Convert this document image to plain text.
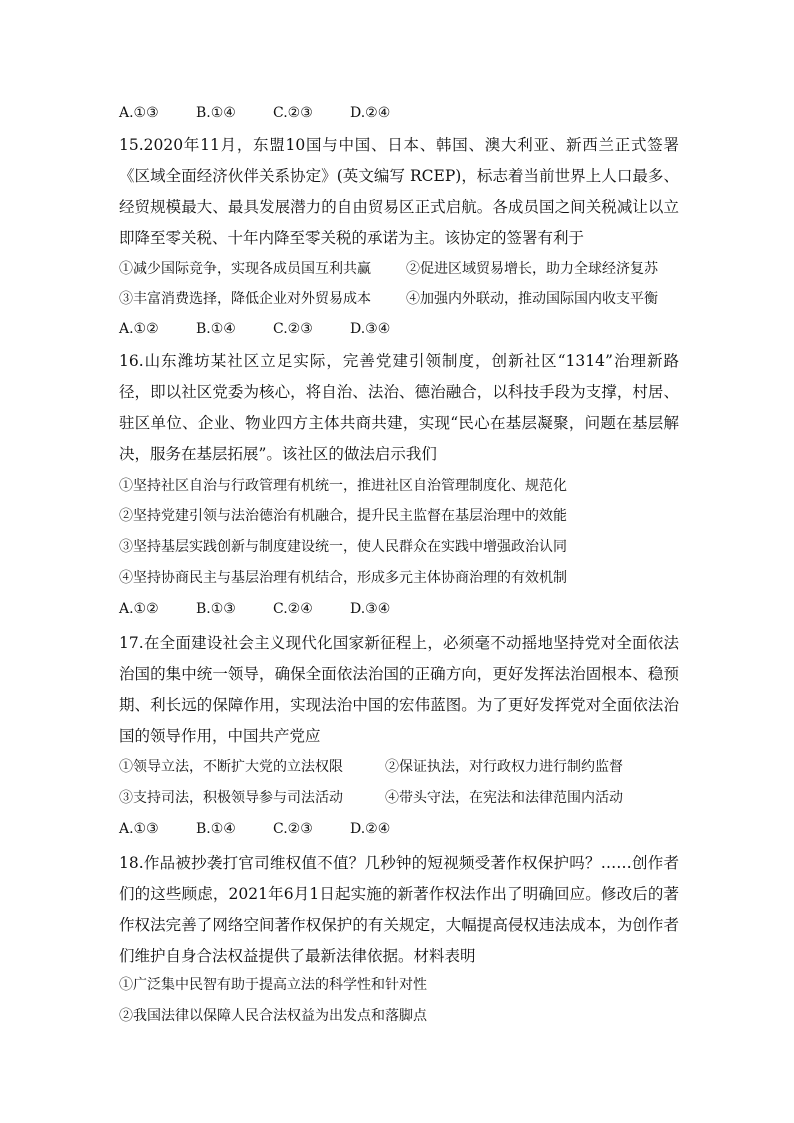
A.①③	B.①④	C.②③	D.②④
15.2020年11月，东盟10国与中国、日本、韩国、澳大利亚、新西兰正式签署《区域全面经济伙伴关系协定》(英文编写 RCEP)，标志着当前世界上人口最多、经贸规模最大、最具发展潜力的自由贸易区正式启航。各成员国之间关税减让以立即降至零关税、十年内降至零关税的承诺为主。该协定的签署有利于
①减少国际竞争，实现各成员国互利共赢	②促进区域贸易增长，助力全球经济复苏
③丰富消费选择，降低企业对外贸易成本	④加强内外联动，推动国际国内收支平衡
A.①②	B.①④	C.②③	D.③④
16.山东潍坊某社区立足实际，完善党建引领制度，创新社区“1314”治理新路径，即以社区党委为核心，将自治、法治、德治融合，以科技手段为支撑，村居、驻区单位、企业、物业四方主体共商共建，实现“民心在基层凝聚，问题在基层解决，服务在基层拓展”。该社区的做法启示我们
①坚持社区自治与行政管理有机统一，推进社区自治管理制度化、规范化
②坚持党建引领与法治德治有机融合，提升民主监督在基层治理中的效能
③坚持基层实践创新与制度建设统一，使人民群众在实践中增强政治认同
④坚持协商民主与基层治理有机结合，形成多元主体协商治理的有效机制
A.①②	B.①③	C.②④	D.③④
17.在全面建设社会主义现代化国家新征程上，必须毫不动摇地坚持党对全面依法治国的集中统一领导，确保全面依法治国的正确方向，更好发挥法治固根本、稳预期、利长远的保障作用，实现法治中国的宏伟蓝图。为了更好发挥党对全面依法治国的领导作用，中国共产党应
①领导立法，不断扩大党的立法权限	②保证执法，对行政权力进行制约监督
③支持司法，积极领导参与司法活动	④带头守法，在宪法和法律范围内活动
A.①③	B.①④	C.②③	D.②④
18.作品被抄袭打官司维权值不值？几秒钟的短视频受著作权保护吗？……创作者们的这些顾虑，2021年6月1日起实施的新著作权法作出了明确回应。修改后的著作权法完善了网络空间著作权保护的有关规定，大幅提高侵权违法成本，为创作者们维护自身合法权益提供了最新法律依据。材料表明
①广泛集中民智有助于提高立法的科学性和针对性
②我国法律以保障人民合法权益为出发点和落脚点
